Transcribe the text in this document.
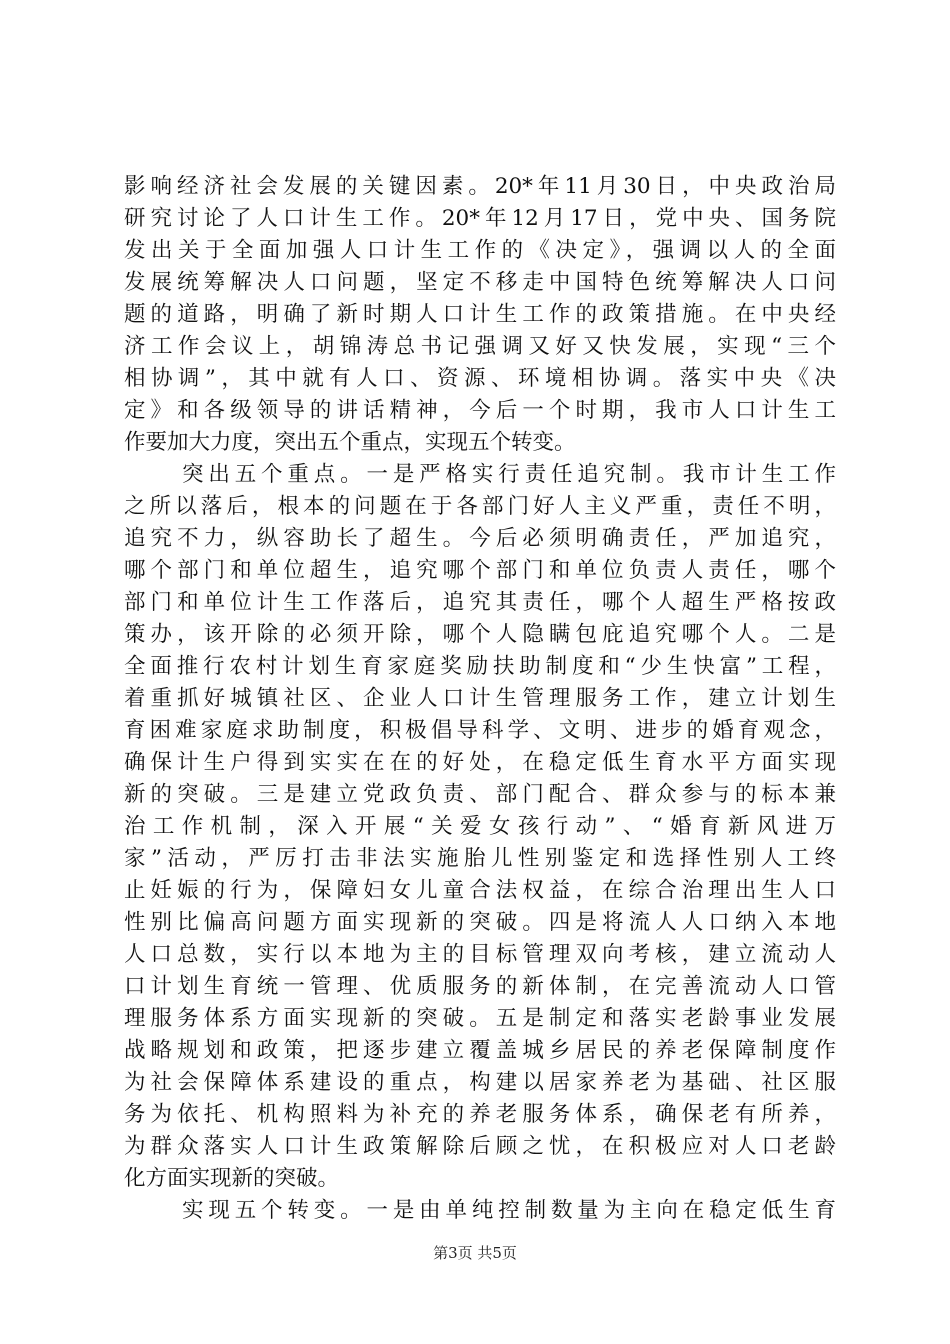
影响经济社会发展的关键因素。20*年11月30日，中央政治局
研究讨论了人口计生工作。20*年12月17日，党中央、国务院
发出关于全面加强人口计生工作的《决定》，强调以人的全面
发展统筹解决人口问题，坚定不移走中国特色统筹解决人口问
题的道路，明确了新时期人口计生工作的政策措施。在中央经
济工作会议上，胡锦涛总书记强调又好又快发展，实现“三个
相协调”，其中就有人口、资源、环境相协调。落实中央《决
定》和各级领导的讲话精神，今后一个时期，我市人口计生工
作要加大力度，突出五个重点，实现五个转变。
突出五个重点。一是严格实行责任追究制。我市计生工作
之所以落后，根本的问题在于各部门好人主义严重，责任不明，
追究不力，纵容助长了超生。今后必须明确责任，严加追究，
哪个部门和单位超生，追究哪个部门和单位负责人责任，哪个
部门和单位计生工作落后，追究其责任，哪个人超生严格按政
策办，该开除的必须开除，哪个人隐瞒包庇追究哪个人。二是
全面推行农村计划生育家庭奖励扶助制度和“少生快富”工程，
着重抓好城镇社区、企业人口计生管理服务工作，建立计划生
育困难家庭求助制度，积极倡导科学、文明、进步的婚育观念，
确保计生户得到实实在在的好处，在稳定低生育水平方面实现
新的突破。三是建立党政负责、部门配合、群众参与的标本兼
治工作机制，深入开展“关爱女孩行动”、“婚育新风进万
家”活动，严厉打击非法实施胎儿性别鉴定和选择性别人工终
止妊娠的行为，保障妇女儿童合法权益，在综合治理出生人口
性别比偏高问题方面实现新的突破。四是将流人人口纳入本地
人口总数，实行以本地为主的目标管理双向考核，建立流动人
口计划生育统一管理、优质服务的新体制，在完善流动人口管
理服务体系方面实现新的突破。五是制定和落实老龄事业发展
战略规划和政策，把逐步建立覆盖城乡居民的养老保障制度作
为社会保障体系建设的重点，构建以居家养老为基础、社区服
务为依托、机构照料为补充的养老服务体系，确保老有所养，
为群众落实人口计生政策解除后顾之忧，在积极应对人口老龄
化方面实现新的突破。
实现五个转变。一是由单纯控制数量为主向在稳定低生育
第3页 共5页
